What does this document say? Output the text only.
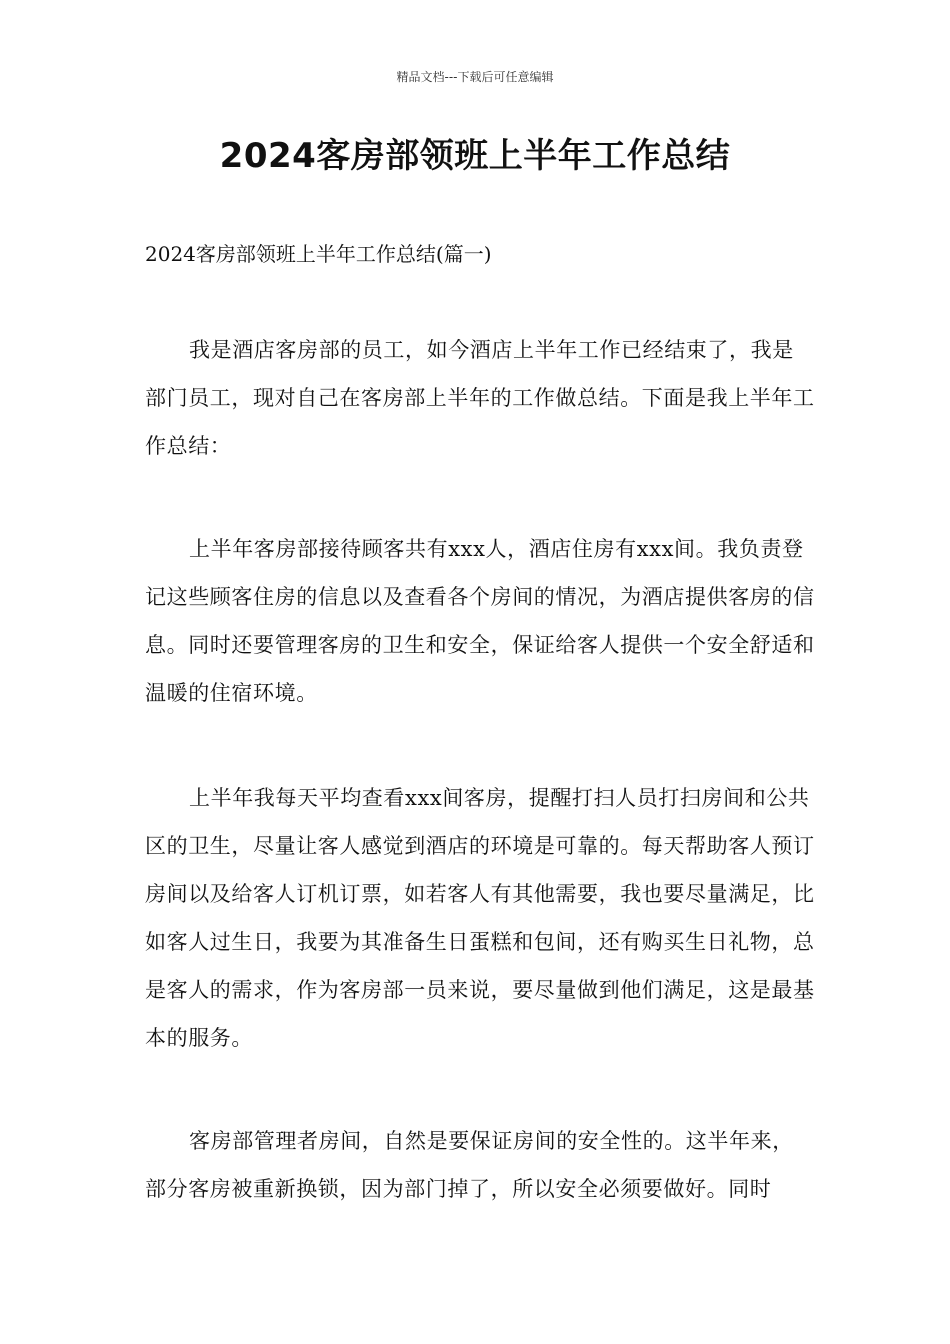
精品文档---下载后可任意编辑
2024客房部领班上半年工作总结
2024客房部领班上半年工作总结(篇一)

我是酒店客房部的员工，如今酒店上半年工作已经结束了，我是部门员工，现对自己在客房部上半年的工作做总结。下面是我上半年工作总结：

上半年客房部接待顾客共有xxx人，酒店住房有xxx间。我负责登记这些顾客住房的信息以及查看各个房间的情况，为酒店提供客房的信息。同时还要管理客房的卫生和安全，保证给客人提供一个安全舒适和温暖的住宿环境。

上半年我每天平均查看xxx间客房，提醒打扫人员打扫房间和公共区的卫生，尽量让客人感觉到酒店的环境是可靠的。每天帮助客人预订房间以及给客人订机订票，如若客人有其他需要，我也要尽量满足，比如客人过生日，我要为其准备生日蛋糕和包间，还有购买生日礼物，总是客人的需求，作为客房部一员来说，要尽量做到他们满足，这是最基本的服务。

客房部管理者房间，自然是要保证房间的安全性的。这半年来，部分客房被重新换锁，因为部门掉了，所以安全必须要做好。同时
